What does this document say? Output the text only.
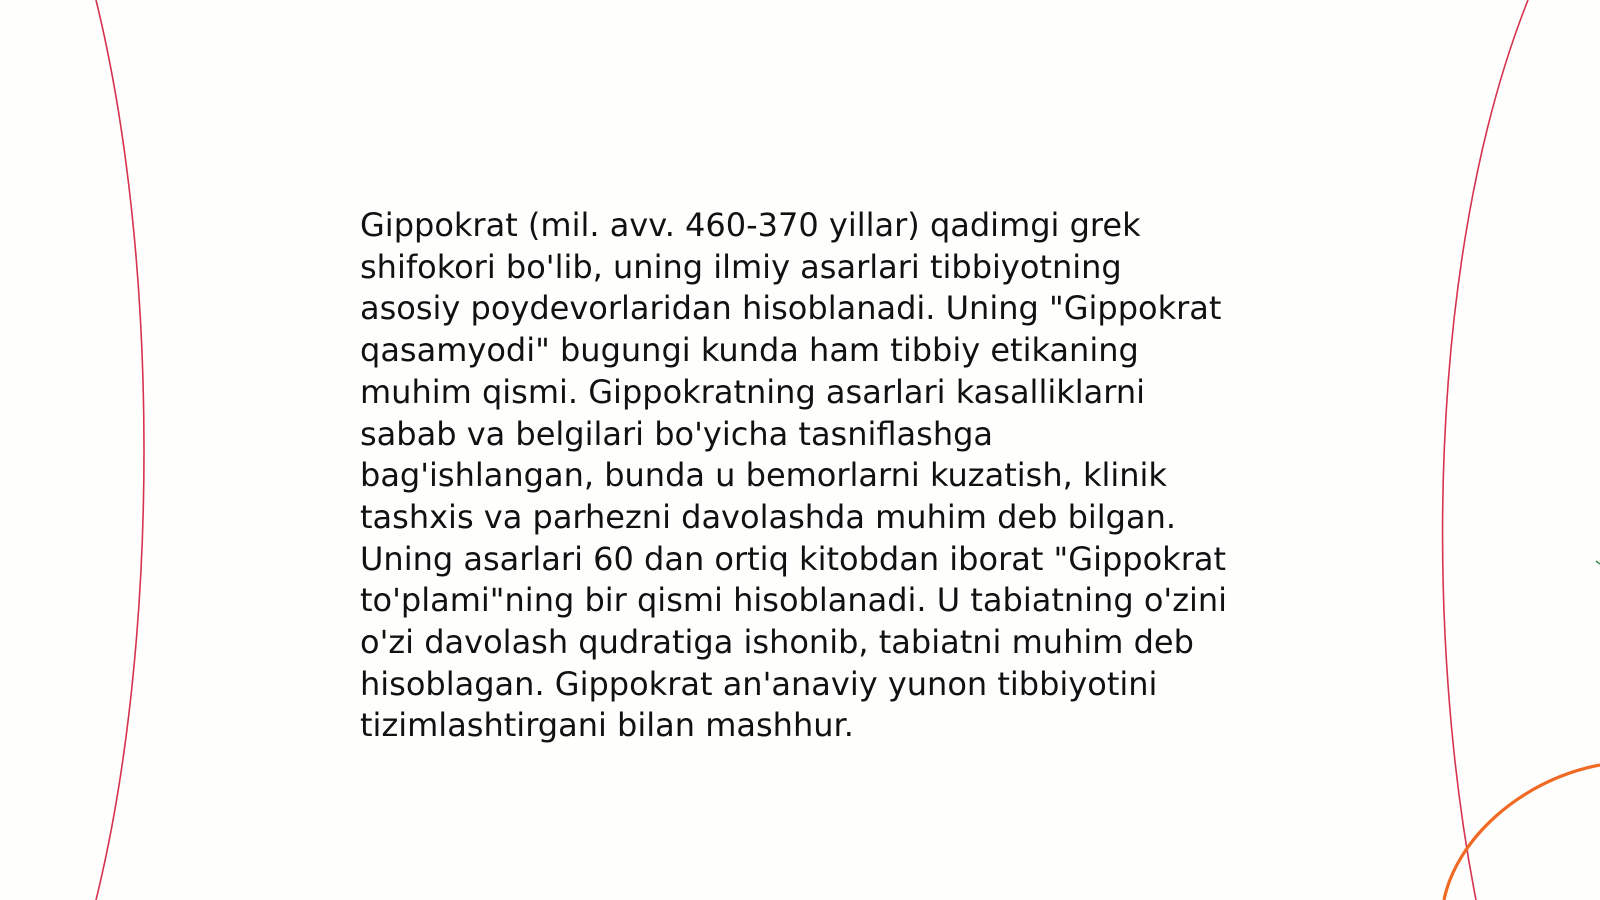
Gippokrat (mil. avv. 460-370 yillar) qadimgi grek
shifokori bo'lib, uning ilmiy asarlari tibbiyotning
asosiy poydevorlaridan hisoblanadi. Uning "Gippokrat
qasamyodi" bugungi kunda ham tibbiy etikaning
muhim qismi. Gippokratning asarlari kasalliklarni
sabab va belgilari bo'yicha tasniflashga
bag'ishlangan, bunda u bemorlarni kuzatish, klinik
tashxis va parhezni davolashda muhim deb bilgan.
Uning asarlari 60 dan ortiq kitobdan iborat "Gippokrat
to'plami"ning bir qismi hisoblanadi. U tabiatning o'zini
o'zi davolash qudratiga ishonib, tabiatni muhim deb
hisoblagan. Gippokrat an'anaviy yunon tibbiyotini
tizimlashtirgani bilan mashhur.
